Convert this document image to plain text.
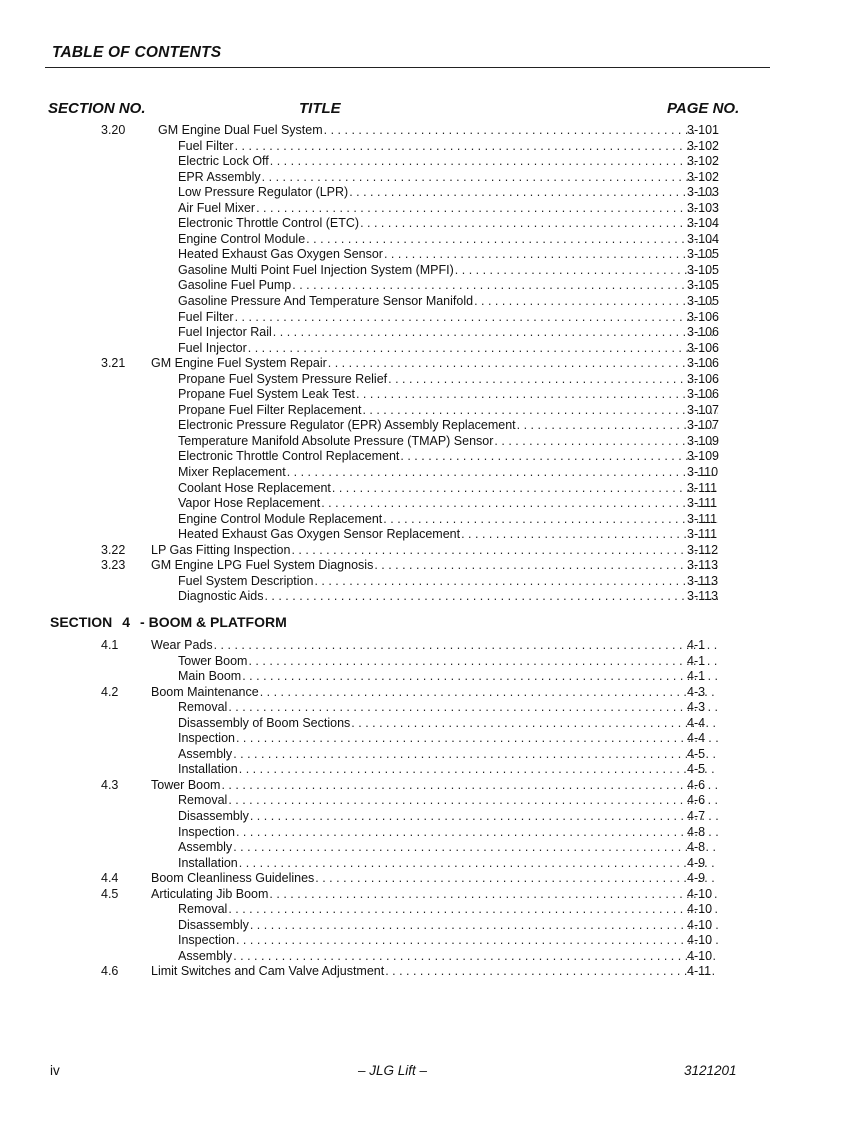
TABLE OF CONTENTS
SECTION NO.	TITLE	PAGE NO.
3.20	GM Engine Dual Fuel System . . .	3-101
Fuel Filter . . .	3-102
Electric Lock Off . . .	3-102
EPR Assembly . . .	3-102
Low Pressure Regulator (LPR) . . .	3-103
Air Fuel Mixer . . .	3-103
Electronic Throttle Control (ETC) . . .	3-104
Engine Control Module . . .	3-104
Heated Exhaust Gas Oxygen Sensor . . .	3-105
Gasoline Multi Point Fuel Injection System (MPFI) . . .	3-105
Gasoline Fuel Pump . . .	3-105
Gasoline Pressure And Temperature Sensor Manifold . . .	3-105
Fuel Filter . . .	3-106
Fuel Injector Rail . . .	3-106
Fuel Injector . . .	3-106
3.21 GM Engine Fuel System Repair . . .	3-106
Propane Fuel System Pressure Relief . . .	3-106
Propane Fuel System Leak Test . . .	3-106
Propane Fuel Filter Replacement . . .	3-107
Electronic Pressure Regulator (EPR) Assembly Replacement . . .	3-107
Temperature Manifold Absolute Pressure (TMAP) Sensor . . .	3-109
Electronic Throttle Control Replacement . . .	3-109
Mixer Replacement . . .	3-110
Coolant Hose Replacement . . .	3-111
Vapor Hose Replacement . . .	3-111
Engine Control Module Replacement . . .	3-111
Heated Exhaust Gas Oxygen Sensor Replacement . . .	3-111
3.22 LP Gas Fitting Inspection . . .	3-112
3.23 GM Engine LPG Fuel System Diagnosis . . .	3-113
Fuel System Description . . .	3-113
Diagnostic Aids . . .	3-113
SECTION 4 - BOOM & PLATFORM
4.1	Wear Pads . . .	4-1
Tower Boom . . .	4-1
Main Boom . . .	4-1
4.2	Boom Maintenance . . .	4-3
Removal . . .	4-3
Disassembly of Boom Sections . . .	4-4
Inspection . . .	4-4
Assembly . . .	4-5
Installation . . .	4-5
4.3	Tower Boom . . .	4-6
Removal . . .	4-6
Disassembly . . .	4-7
Inspection . . .	4-8
Assembly . . .	4-8
Installation . . .	4-9
4.4	Boom Cleanliness Guidelines . . .	4-9
4.5	Articulating Jib Boom . . .	4-10
Removal . . .	4-10
Disassembly . . .	4-10
Inspection . . .	4-10
Assembly . . .	4-10
4.6	Limit Switches and Cam Valve Adjustment . . .	4-11
iv	– JLG Lift –	3121201
